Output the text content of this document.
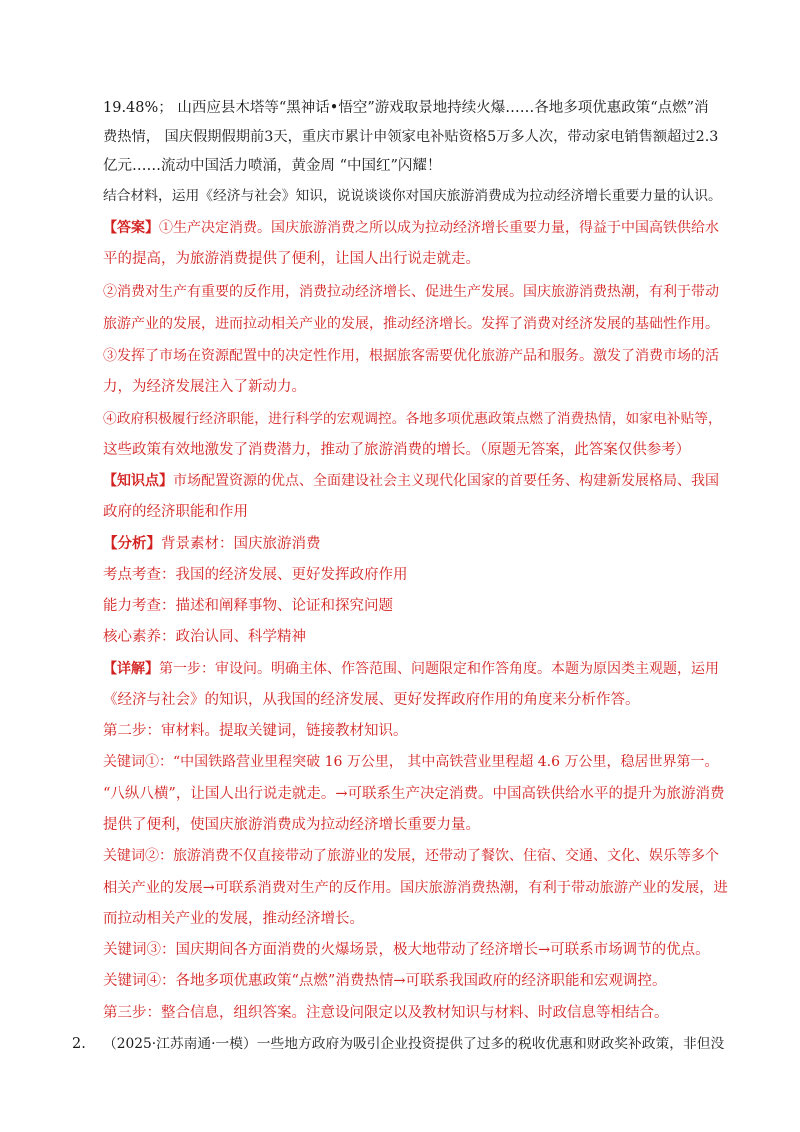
19.48%； 山西应县木塔等“黑神话•悟空”游戏取景地持续火爆……各地多项优惠政策“点燃”消
费热情， 国庆假期假期前3天，重庆市累计申领家电补贴资格5万多人次，带动家电销售额超过2.3
亿元……流动中国活力喷涌，黄金周 “中国红”闪耀！
结合材料，运用《经济与社会》知识，说说谈谈你对国庆旅游消费成为拉动经济增长重要力量的认识。
【答案】①生产决定消费。国庆旅游消费之所以成为拉动经济增长重要力量，得益于中国高铁供给水
平的提高，为旅游消费提供了便利，让国人出行说走就走。
②消费对生产有重要的反作用，消费拉动经济增长、促进生产发展。国庆旅游消费热潮，有利于带动
旅游产业的发展，进而拉动相关产业的发展，推动经济增长。发挥了消费对经济发展的基础性作用。
③发挥了市场在资源配置中的决定性作用，根据旅客需要优化旅游产品和服务。激发了消费市场的活
力，为经济发展注入了新动力。
④政府积极履行经济职能，进行科学的宏观调控。各地多项优惠政策点燃了消费热情，如家电补贴等，
这些政策有效地激发了消费潜力，推动了旅游消费的增长。（原题无答案，此答案仅供参考）
【知识点】市场配置资源的优点、全面建设社会主义现代化国家的首要任务、构建新发展格局、我国
政府的经济职能和作用
【分析】背景素材：国庆旅游消费
考点考查：我国的经济发展、更好发挥政府作用
能力考查：描述和阐释事物、论证和探究问题
核心素养：政治认同、科学精神
【详解】第一步：审设问。明确主体、作答范围、问题限定和作答角度。本题为原因类主观题，运用
《经济与社会》的知识，从我国的经济发展、更好发挥政府作用的角度来分析作答。
第二步：审材料。提取关键词，链接教材知识。
关键词①：“中国铁路营业里程突破 16 万公里， 其中高铁营业里程超 4.6 万公里，稳居世界第一。
“八纵八横”，让国人出行说走就走。→可联系生产决定消费。中国高铁供给水平的提升为旅游消费
提供了便利，使国庆旅游消费成为拉动经济增长重要力量。
关键词②：旅游消费不仅直接带动了旅游业的发展，还带动了餐饮、住宿、交通、文化、娱乐等多个
相关产业的发展→可联系消费对生产的反作用。国庆旅游消费热潮，有利于带动旅游产业的发展，进
而拉动相关产业的发展，推动经济增长。
关键词③：国庆期间各方面消费的火爆场景，极大地带动了经济增长→可联系市场调节的优点。
关键词④：各地多项优惠政策“点燃”消费热情→可联系我国政府的经济职能和宏观调控。
第三步：整合信息，组织答案。注意设问限定以及教材知识与材料、时政信息等相结合。
2. （2025·江苏南通·一模）一些地方政府为吸引企业投资提供了过多的税收优惠和财政奖补政策，非但没
